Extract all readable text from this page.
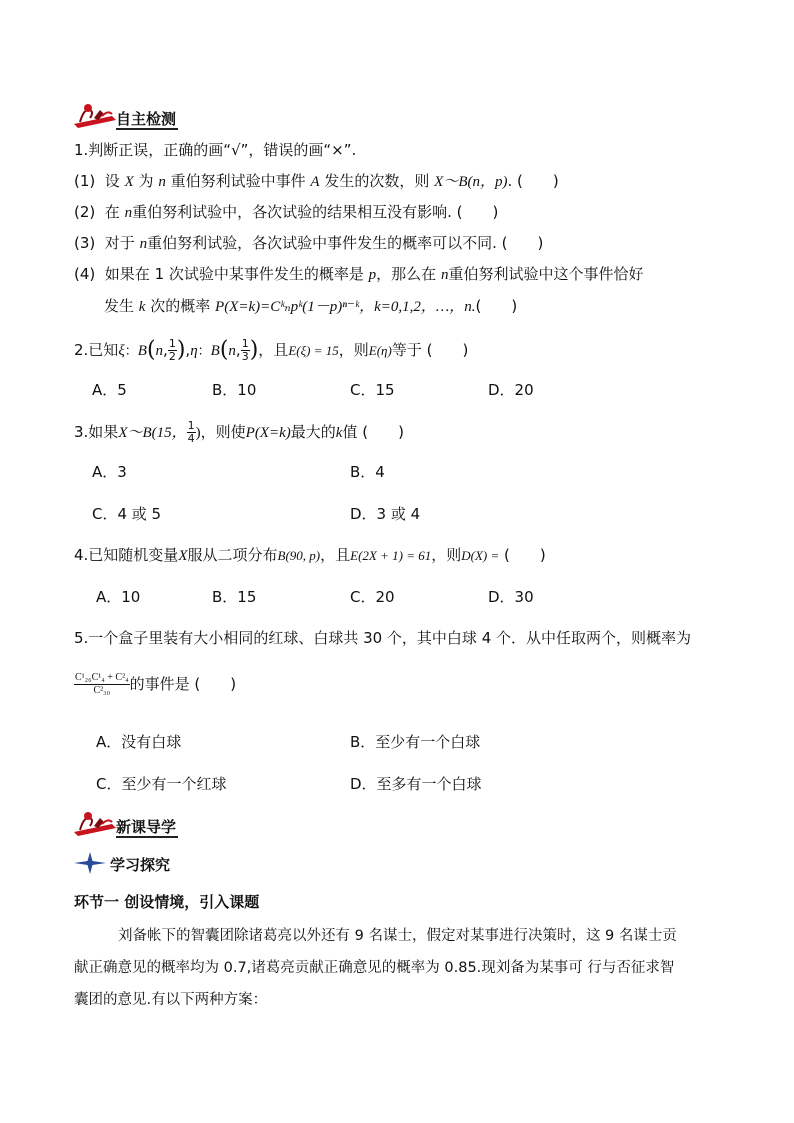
自主检测
1.判断正误，正确的画“√”，错误的画“×”.
(1) 设 X 为 n 重伯努利试验中事件 A 发生的次数，则 X～B(n，p). (　　)
(2) 在 n重伯努利试验中，各次试验的结果相互没有影响. (　　)
(3) 对于 n重伯努利试验，各次试验中事件发生的概率可以不同. (　　)
(4) 如果在 1 次试验中某事件发生的概率是 p，那么在 n重伯努利试验中这个事件恰好
发生 k 次的概率 P(X=k)=Cᵏₙpᵏ(1－p)ⁿ⁻ᵏ，k=0,1,2，…，n.(　　)
2.已知ξ：B(n, $\frac{1}{2} ),\eta$：B(n, $\frac{1}{3}$ )，且E(ξ) = 15，则E(η)等于 (　　)
A．5	B．10	C．15	D．20
3.如果X～B(15， $\frac{1}{4}$ )，则使P(X=k)最大的k值 (　　)
A．3	B．4
C．4 或 5	D．3 或 4
4.已知随机变量X服从二项分布B(90, p)，且E(2X + 1) = 61，则D(X) = (　　)
A．10	B．15	C．20	D．30
5.一个盒子里装有大小相同的红球、白球共 30 个，其中白球 4 个．从中任取两个，则概率为
$\frac{\text{C¹₂₆C¹₄ + C²₄}}{\text{C²₃₀}}$ 的事件是 (　　)
A．没有白球	B．至少有一个白球
C．至少有一个红球	D．至多有一个白球
新课导学
学习探究
环节一 创设情境，引入课题
刘备帐下的智囊团除诸葛亮以外还有 9 名谋士，假定对某事进行决策时，这 9 名谋士贡
献正确意见的概率均为 0.7,诸葛亮贡献正确意见的概率为 0.85.现刘备为某事可 行与否征求智
囊团的意见.有以下两种方案：
